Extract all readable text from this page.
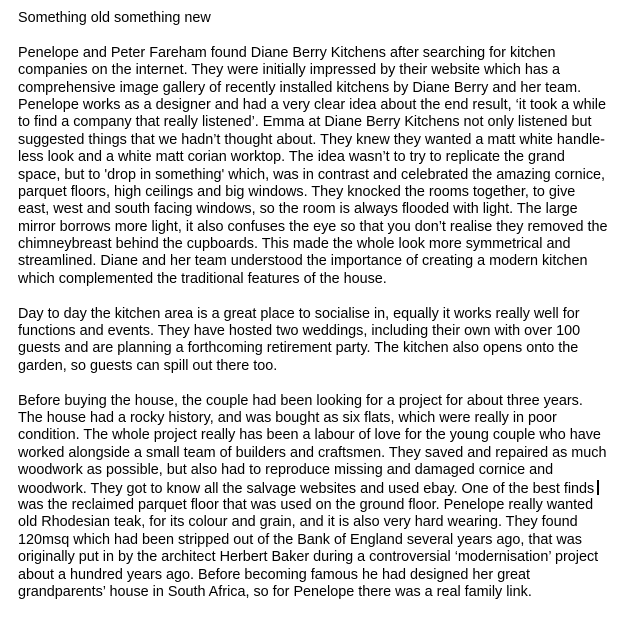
Something old something new
Penelope and Peter Fareham found Diane Berry Kitchens after searching for kitchen
companies on the internet. They were initially impressed by their website which has a
comprehensive image gallery of recently installed kitchens by Diane Berry and her team.
Penelope works as a designer and had a very clear idea about the end result, ‘it took a while
to find a company that really listened’. Emma at Diane Berry Kitchens not only listened but
suggested things that we hadn’t thought about. They knew they wanted a matt white handle-
less look and a white matt corian worktop. The idea wasn’t to try to replicate the grand
space, but to 'drop in something' which, was in contrast and celebrated the amazing cornice,
parquet floors, high ceilings and big windows. They knocked the rooms together, to give
east, west and south facing windows, so the room is always flooded with light. The large
mirror borrows more light, it also confuses the eye so that you don’t realise they removed the
chimneybreast behind the cupboards. This made the whole look more symmetrical and
streamlined. Diane and her team understood the importance of creating a modern kitchen
which complemented the traditional features of the house.
Day to day the kitchen area is a great place to socialise in, equally it works really well for
functions and events. They have hosted two weddings, including their own with over 100
guests and are planning a forthcoming retirement party. The kitchen also opens onto the
garden, so guests can spill out there too.
Before buying the house, the couple had been looking for a project for about three years.
The house had a rocky history, and was bought as six flats, which were really in poor
condition. The whole project really has been a labour of love for the young couple who have
worked alongside a small team of builders and craftsmen. They saved and repaired as much
woodwork as possible, but also had to reproduce missing and damaged cornice and
woodwork. They got to know all the salvage websites and used ebay. One of the best finds
was the reclaimed parquet floor that was used on the ground floor. Penelope really wanted
old Rhodesian teak, for its colour and grain, and it is also very hard wearing. They found
120msq which had been stripped out of the Bank of England several years ago, that was
originally put in by the architect Herbert Baker during a controversial ‘modernisation’ project
about a hundred years ago. Before becoming famous he had designed her great
grandparents’ house in South Africa, so for Penelope there was a real family link.
